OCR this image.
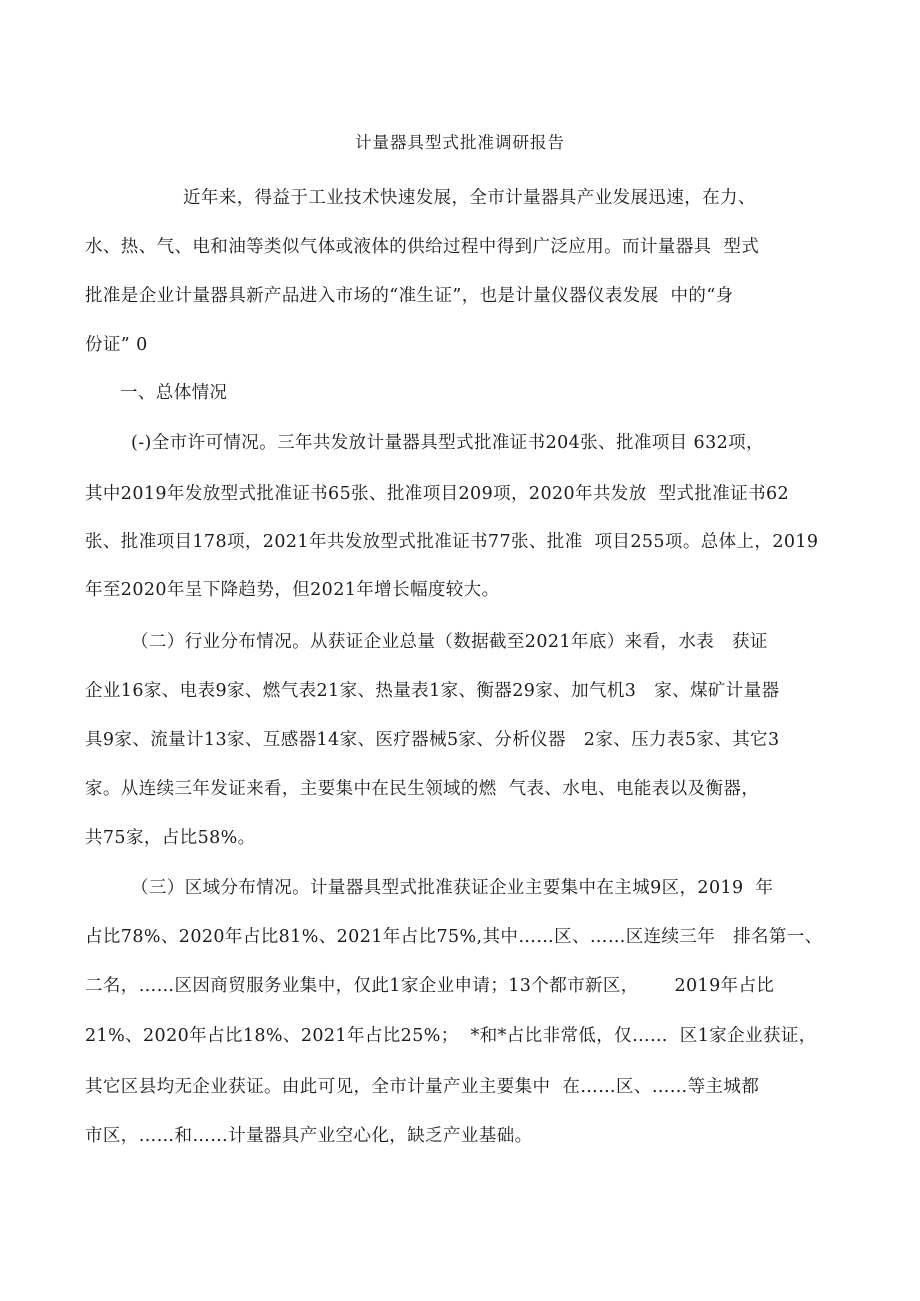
计量器具型式批准调研报告
近年来，得益于工业技术快速发展，全市计量器具产业发展迅速，在力、
水、热、气、电和油等类似气体或液体的供给过程中得到广泛应用。而计量器具  型式
批准是企业计量器具新产品进入市场的“准生证”，也是计量仪器仪表发展  中的“身
份证” 0
一、总体情况
(-)全市许可情况。三年共发放计量器具型式批准证书204张、批准项目 632项，
其中2019年发放型式批准证书65张、批准项目209项，2020年共发放  型式批准证书62
张、批准项目178项，2021年共发放型式批准证书77张、批准  项目255项。总体上，2019
年至2020年呈下降趋势，但2021年增长幅度较大。
（二）行业分布情况。从获证企业总量（数据截至2021年底）来看，水表   获证
企业16家、电表9家、燃气表21家、热量表1家、衡器29家、加气机3   家、煤矿计量器
具9家、流量计13家、互感器14家、医疗器械5家、分析仪器   2家、压力表5家、其它3
家。从连续三年发证来看，主要集中在民生领域的燃  气表、水电、电能表以及衡器，
共75家，占比58%。
（三）区域分布情况。计量器具型式批准获证企业主要集中在主城9区，2019  年
占比78%、2020年占比81%、2021年占比75%,其中……区、……区连续三年   排名第一、
二名，……区因商贸服务业集中，仅此1家企业申请；13个都市新区，      2019年占比
21%、2020年占比18%、2021年占比25%；  *和*占比非常低，仅……  区1家企业获证，
其它区县均无企业获证。由此可见，全市计量产业主要集中  在……区、……等主城都
市区，……和……计量器具产业空心化，缺乏产业基础。
